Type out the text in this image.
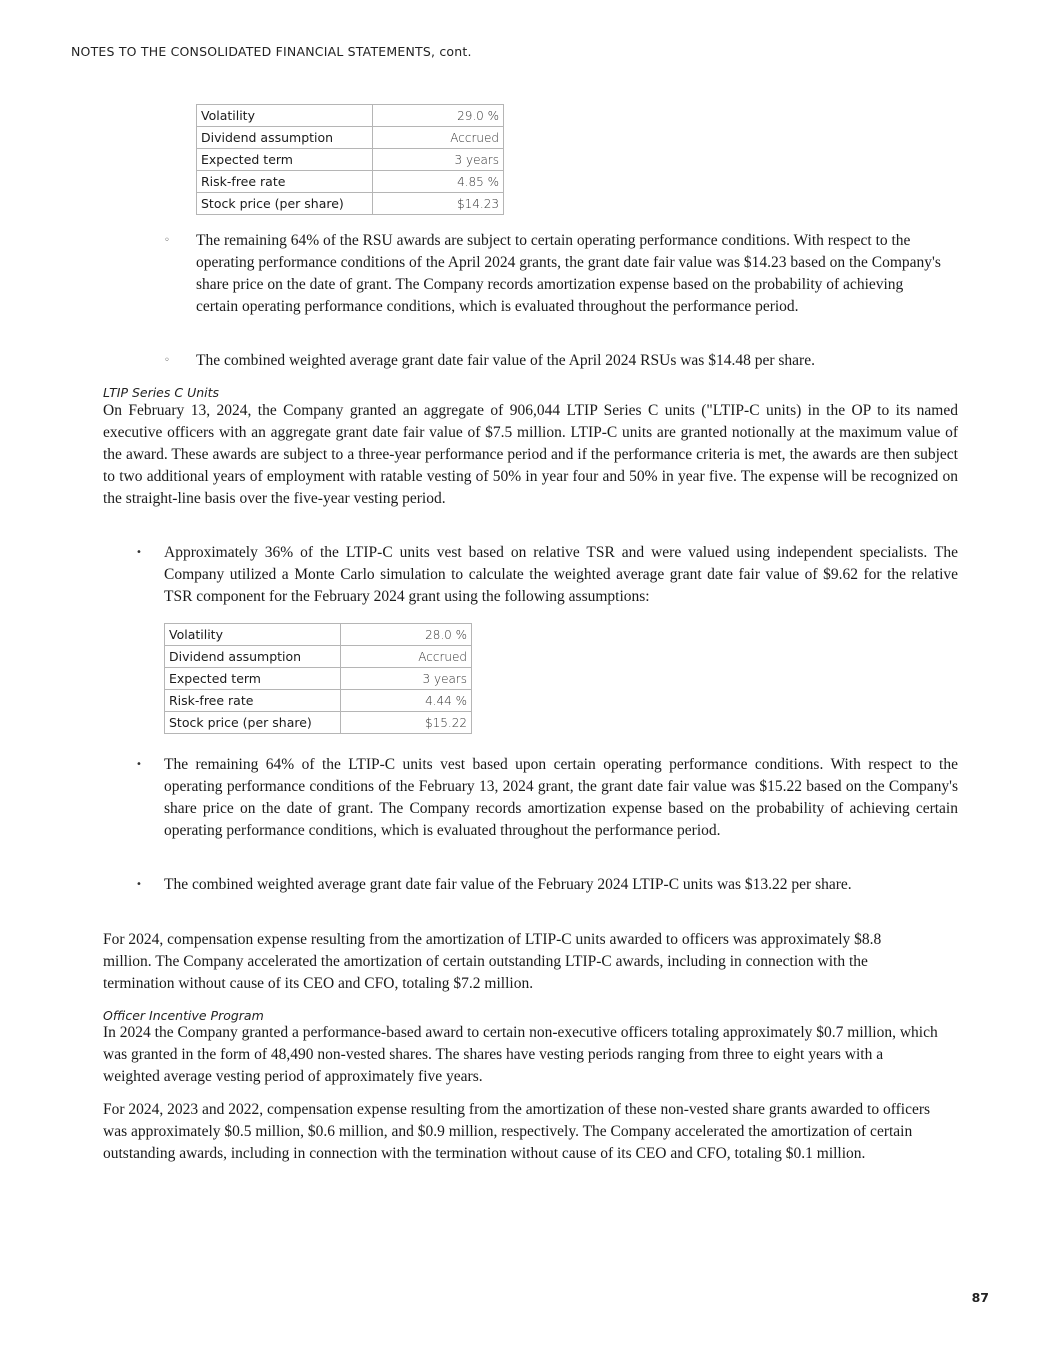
NOTES TO THE CONSOLIDATED FINANCIAL STATEMENTS, cont.
Volatility	29.0 %
Dividend assumption	Accrued
Expected term	3 years
Risk-free rate	4.85 %
Stock price (per share)	$14.23
◦ The remaining 64% of the RSU awards are subject to certain operating performance conditions. With respect to the operating performance conditions of the April 2024 grants, the grant date fair value was $14.23 based on the Company's share price on the date of grant. The Company records amortization expense based on the probability of achieving certain operating performance conditions, which is evaluated throughout the performance period.
◦ The combined weighted average grant date fair value of the April 2024 RSUs was $14.48 per share.
LTIP Series C Units
On February 13, 2024, the Company granted an aggregate of 906,044 LTIP Series C units ("LTIP-C units) in the OP to its named executive officers with an aggregate grant date fair value of $7.5 million. LTIP-C units are granted notionally at the maximum value of the award. These awards are subject to a three-year performance period and if the performance criteria is met, the awards are then subject to two additional years of employment with ratable vesting of 50% in year four and 50% in year five. The expense will be recognized on the straight-line basis over the five-year vesting period.
• Approximately 36% of the LTIP-C units vest based on relative TSR and were valued using independent specialists. The Company utilized a Monte Carlo simulation to calculate the weighted average grant date fair value of $9.62 for the relative TSR component for the February 2024 grant using the following assumptions:
Volatility	28.0 %
Dividend assumption	Accrued
Expected term	3 years
Risk-free rate	4.44 %
Stock price (per share)	$15.22
• The remaining 64% of the LTIP-C units vest based upon certain operating performance conditions. With respect to the operating performance conditions of the February 13, 2024 grant, the grant date fair value was $15.22 based on the Company's share price on the date of grant. The Company records amortization expense based on the probability of achieving certain operating performance conditions, which is evaluated throughout the performance period.
• The combined weighted average grant date fair value of the February 2024 LTIP-C units was $13.22 per share.
For 2024, compensation expense resulting from the amortization of LTIP-C units awarded to officers was approximately $8.8 million. The Company accelerated the amortization of certain outstanding LTIP-C awards, including in connection with the termination without cause of its CEO and CFO, totaling $7.2 million.
Officer Incentive Program
In 2024 the Company granted a performance-based award to certain non-executive officers totaling approximately $0.7 million, which was granted in the form of 48,490 non-vested shares. The shares have vesting periods ranging from three to eight years with a weighted average vesting period of approximately five years.
For 2024, 2023 and 2022, compensation expense resulting from the amortization of these non-vested share grants awarded to officers was approximately $0.5 million, $0.6 million, and $0.9 million, respectively. The Company accelerated the amortization of certain outstanding awards, including in connection with the termination without cause of its CEO and CFO, totaling $0.1 million.
87
